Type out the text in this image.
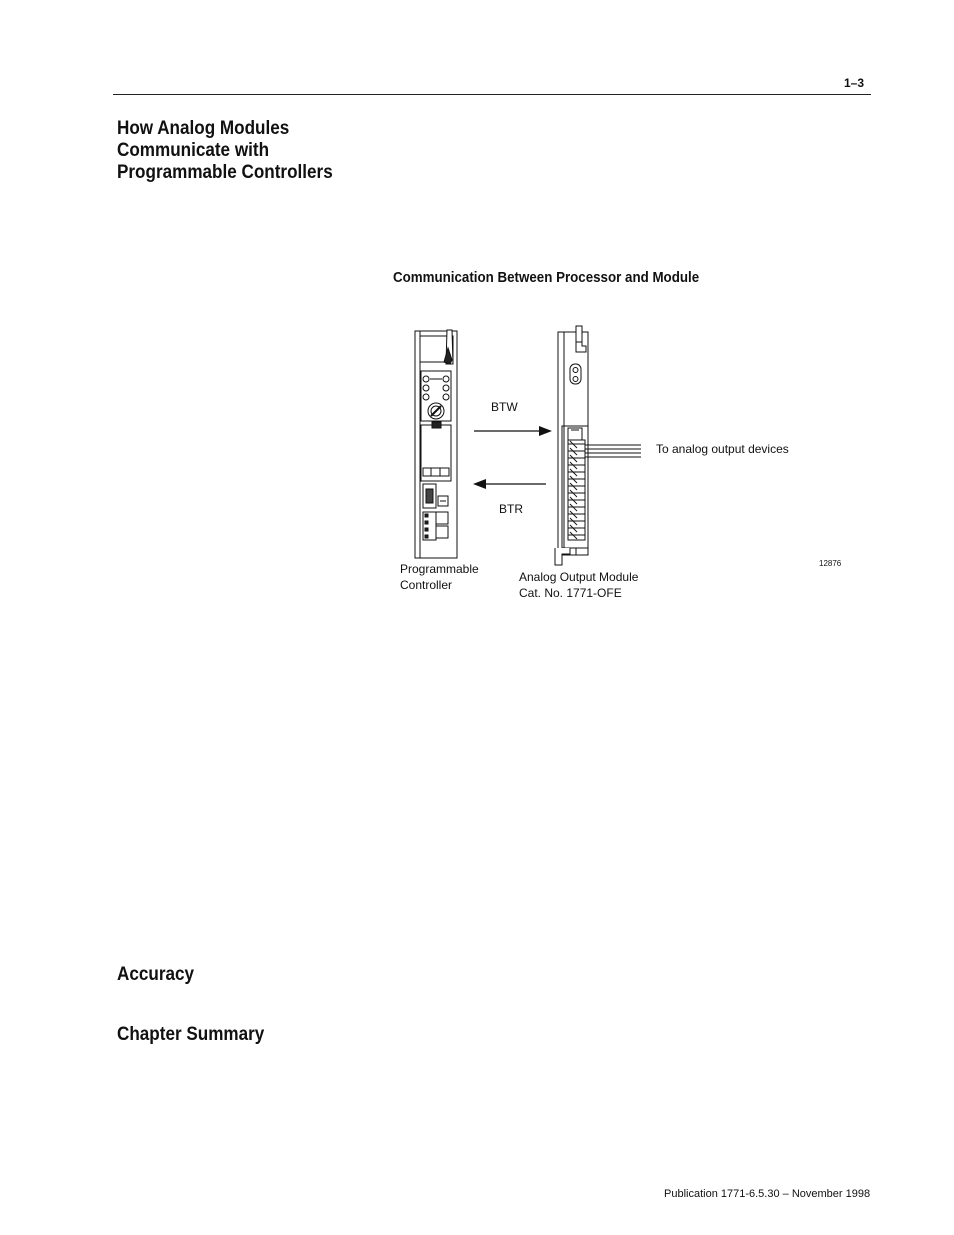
1–3
How Analog Modules
Communicate with
Programmable Controllers
Communication Between Processor and Module
BTW
BTR
To analog output devices
Programmable
Controller
Analog Output Module
Cat. No. 1771-OFE
12876
Accuracy
Chapter Summary
Publication 1771-6.5.30 – November 1998
